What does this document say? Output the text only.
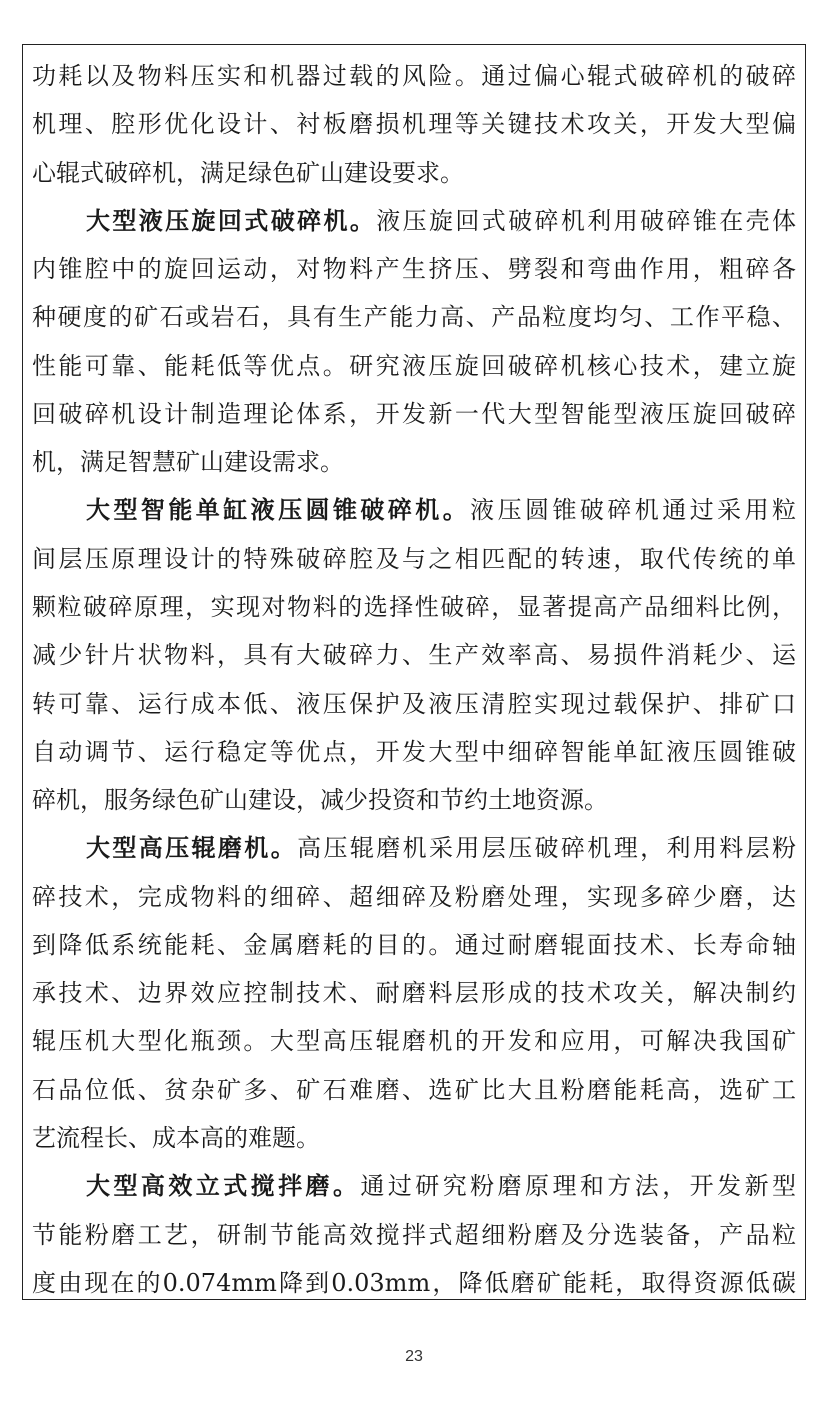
功耗以及物料压实和机器过载的风险。通过偏心辊式破碎机的破碎
机理、腔形优化设计、衬板磨损机理等关键技术攻关，开发大型偏
心辊式破碎机，满足绿色矿山建设要求。
大型液压旋回式破碎机。液压旋回式破碎机利用破碎锥在壳体
内锥腔中的旋回运动，对物料产生挤压、劈裂和弯曲作用，粗碎各
种硬度的矿石或岩石，具有生产能力高、产品粒度均匀、工作平稳、
性能可靠、能耗低等优点。研究液压旋回破碎机核心技术，建立旋
回破碎机设计制造理论体系，开发新一代大型智能型液压旋回破碎
机，满足智慧矿山建设需求。
大型智能单缸液压圆锥破碎机。液压圆锥破碎机通过采用粒
间层压原理设计的特殊破碎腔及与之相匹配的转速，取代传统的单
颗粒破碎原理，实现对物料的选择性破碎，显著提高产品细料比例，
减少针片状物料，具有大破碎力、生产效率高、易损件消耗少、运
转可靠、运行成本低、液压保护及液压清腔实现过载保护、排矿口
自动调节、运行稳定等优点，开发大型中细碎智能单缸液压圆锥破
碎机，服务绿色矿山建设，减少投资和节约土地资源。
大型高压辊磨机。高压辊磨机采用层压破碎机理，利用料层粉
碎技术，完成物料的细碎、超细碎及粉磨处理，实现多碎少磨，达
到降低系统能耗、金属磨耗的目的。通过耐磨辊面技术、长寿命轴
承技术、边界效应控制技术、耐磨料层形成的技术攻关，解决制约
辊压机大型化瓶颈。大型高压辊磨机的开发和应用，可解决我国矿
石品位低、贫杂矿多、矿石难磨、选矿比大且粉磨能耗高，选矿工
艺流程长、成本高的难题。
大型高效立式搅拌磨。通过研究粉磨原理和方法，开发新型
节能粉磨工艺，研制节能高效搅拌式超细粉磨及分选装备，产品粒
度由现在的0.074mm降到0.03mm，降低磨矿能耗，取得资源低碳
23
